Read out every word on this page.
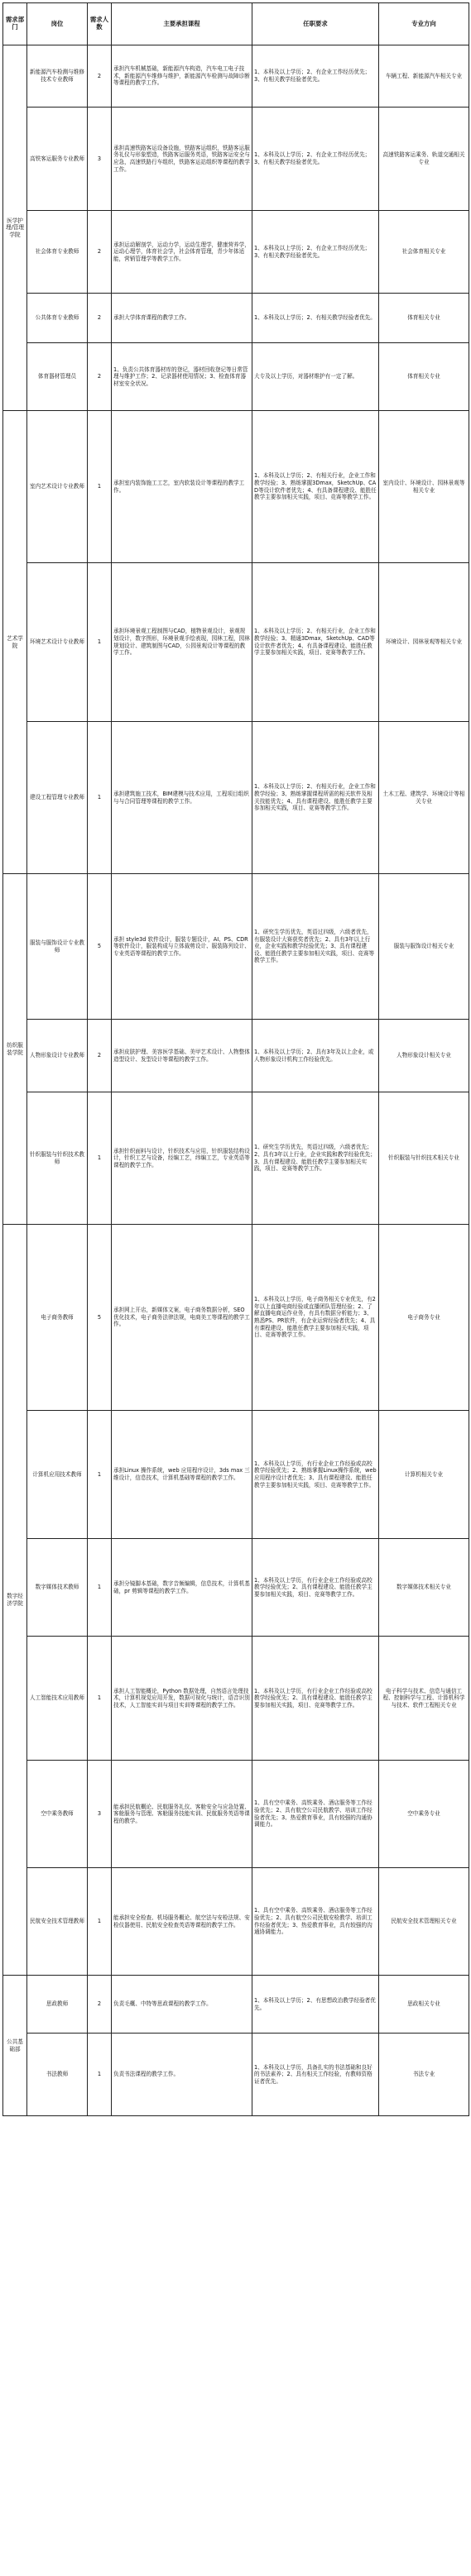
需求部门	岗位	需求人数	主要承担课程	任职要求	专业方向
医学护理/管理学院	新能源汽车检测与维修技术专业教师	2	承担汽车机械基础，新能源汽车构造，汽车电工电子技术，新能源汽车维修与维护，新能源汽车检测与故障诊断等课程的教学工作。	1、本科及以上学历；2、有企业工作经历优先；3、有相关教学经验者优先。	车辆工程、新能源汽车相关专业
	高铁客运服务专业教师	3	承担高速铁路客运设备设施，铁路客运组织，铁路客运服务礼仪与形象塑造，铁路客运服务英语，铁路客运安全与应急，高速铁路行车组织，铁路客运站组织等课程的教学工作。	1、本科及以上学历；2、有企业工作经历优先；3、有相关教学经验者优先。	高速铁路客运乘务、轨道交通相关专业
	社会体育专业教师	2	承担运动解剖学，运动力学，运动生理学，健康营养学，运动心理学，体育社会学，社会体育管理，青少年体适能，营销管理学等教学工作。	1、本科及以上学历；2、有企业工作经历优先；3、有相关教学经验者优先。	社会体育相关专业
	公共体育专业教师	2	承担大学体育课程的教学工作。	1、本科及以上学历；2、有相关教学经验者优先。	体育相关专业
	体育器材管理员	2	1、负责公共体育器材库的登记，器材回收登记等日常管理与维护工作；2、记录器材使用情况；3、检查体育器材室安全状况。	大专及以上学历，对器材维护有一定了解。	体育相关专业
艺术学院	室内艺术设计专业教师	1	承担室内装饰施工工艺，室内软装设计等课程的教学工作。	1、本科及以上学历；2、有相关行业，企业工作和教学经验；3、熟练掌握3Dmax，SketchUp、CAD等设计软件者优先；4、有具备课程建设、能胜任教学主要参加相关实践，项目、竞赛等教学工作。	室内设计、环境设计、园林景观等相关专业
	环境艺术设计专业教师	1	承担环境景观工程制图与CAD，植物景观设计，景观规划设计，数字图形，环境景观手绘表现，园林工程，园林规划设计、建筑制图与CAD，公园景观设计等课程的教学工作。	1、本科及以上学历；2、有相关行业，企业工作和教学经验；3、精通3Dmax，SketchUp、CAD等设计软件者优先；4、有具备课程建设、能胜任教学主要参加相关实践，项目、竞赛等教学工作。	环境设计、园林景观等相关专业
	建设工程管理专业教师	1	承担建筑施工技术，BIM建模与技术应用，工程项目组织与与合同管理等课程的教学工作。	1、本科及以上学历；2、有相关行业，企业工作和教学经验；3、熟练掌握课程所需的相关软件及相关技能优先；4、具有课程建设、能胜任教学主要参加相关实践，项目、竞赛等教学工作。	土木工程、建筑学、环境设计等相关专业
纺织服装学院	服装与服饰设计专业教师	5	承担 style3d 软件设计，服装专题设计，AI、PS、CDR 等软件设计，服装构成与立体裁剪设计、服装陈列设计、专业英语等课程的教学工作。	1、研究生学历优先，英语过四级，六级者优先，有服装设计大赛获奖者优先；2、具有3年以上行业，企业实践和教学经验优先；3、具有课程建设、能胜任教学主要参加相关实践，项目、竞赛等教学工作。	服装与服饰设计相关专业
	人物形象设计专业教师	2	承担皮肤护理、美容医学基础、美甲艺术设计、人物整体造型设计、发型设计等课程的教学工作。	1、本科及以上学历；2、具有3年及以上企业，或人物形象设计机构工作经验优先。	人物形象设计相关专业
	针织服装与针织技术教师	1	承担针织面料与设计，针织技术与应用，针织服装结构设计，针织工艺与设备，经编工艺，纬编工艺，专业英语等课程的教学工作。	1、研究生学历优先，英语过四级，六级者优先；2、具有3年以上行业，企业实践和教学经验优先；3、具有课程建设、能胜任教学主要参加相关实践，项目、竞赛等教学工作。	针织服装与针织技术相关专业
数字经济学院	电子商务教师	5	承担网上开店，新媒体文案，电子商务数据分析，SEO 优化技术，电子商务法律法规，电商美工等课程的教学工作。	1、本科及以上学历，电子商务相关专业优先，有2年以上直播电商经验或直播团队管理经验；2、了解直播电商运作业务，有具有数据分析能力；3、熟悉PS、PR软件，有企业运营经验者优先；4、具有课程建设、能胜任教学主要参加相关实践，项目、竞赛等教学工作。	电子商务专业
	计算机应用技术教师	1	承担Linux 操作系统，web 应用程序设计，3ds max 三维设计，信息技术，计算机基础等课程的教学工作。	1、本科及以上学历，有行业企业工作经验或高校教学经验优先；2、熟练掌握Linux操作系统，web 应用程序设计者优先；3、具有课程建设、能胜任教学主要参加相关实践，项目、竞赛等教学工作。	计算机相关专业
	数字媒体技术教师	1	承担分镜脚本基础，数字音频编辑，信息技术，计算机基础，pr 剪辑等课程的教学工作。	1、本科及以上学历，有行业企业工作经验或高校教学经验优先；2、具有课程建设、能胜任教学主要参加相关实践，项目、竞赛等教学工作。	数字媒体技术相关专业
	人工智能技术应用教师	1	承担人工智能概论，Python 数据处理，自然语言处理技术，计算机视觉应用开发，数据可视化与统计，语音识别技术，人工智能实训与项目实训等课程的教学工作。	1、本科及以上学历，有行业企业工作经验或高校教学经验优先；2、具有课程建设、能胜任教学主要参加相关实践，项目、竞赛等教学工作。	电子科学与技术、信息与通信工程、控制科学与工程、计算机科学与技术、软件工程相关专业
	空中乘务教师	3	能承担民航概论、民航服务礼仪、客舱安全与应急处置、客舱服务与管理、客舱服务技能实训、民航服务英语等课程的教学。	1、具有空中乘务、高铁乘务、酒店服务等工作经验优先；2、具有航空公司民航教学、培训工作经验者优先；3、热爱教育事业，具有较强的沟通协调能力。	空中乘务专业
	民航安全技术管理教师	1	能承担安全检查、机场服务概论、航空法与安检法规、安检仪器使用、民航安全检查英语等课程的教学工作。	1、具有空中乘务、高铁乘务、酒店服务等工作经验优先；2、具有航空公司民航安检教学、培训工作经验者优先；3、热爱教育事业，具有较强的沟通协调能力。	民航安全技术管理相关专业
公共基础部	思政教师	2	负责毛概、中特等思政课程的教学工作。	1、本科及以上学历；2、有思想政治教学经验者优先。	思政相关专业
	书法教师	1	负责书法课程的教学工作。	1、本科及以上学历，具备扎实的书法基础和良好的书法素养；2、具有相关工作经验，有教师资格证者优先。	书法专业
